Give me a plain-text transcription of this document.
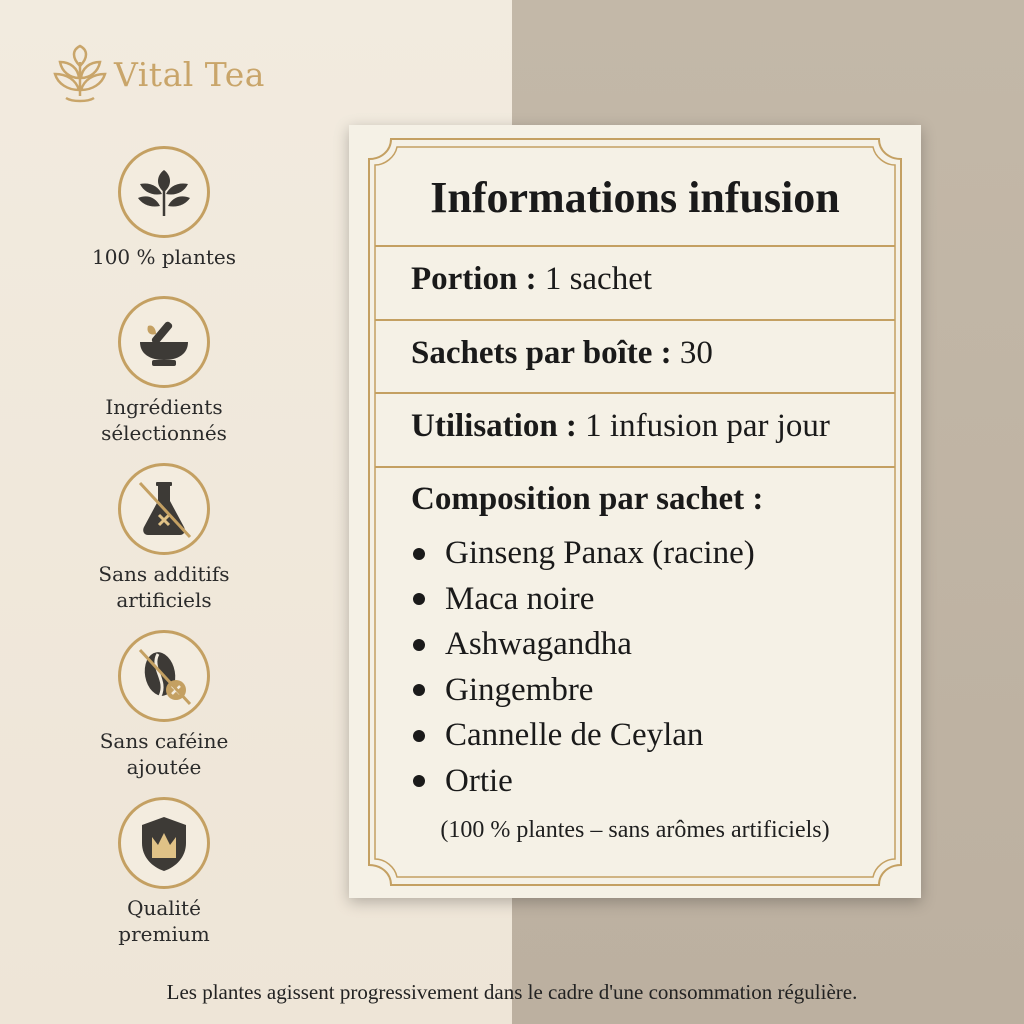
Vital Tea
100 % plantes
Ingrédients
sélectionnés
Sans additifs
artificiels
Sans caféine
ajoutée
Qualité
premium
Informations infusion
Portion : 1 sachet
Sachets par boîte : 30
Utilisation : 1 infusion par jour
Composition par sachet :
Ginseng Panax (racine)
Maca noire
Ashwagandha
Gingembre
Cannelle de Ceylan
Ortie
(100 % plantes – sans arômes artificiels)
Les plantes agissent progressivement dans le cadre d'une consommation régulière.
